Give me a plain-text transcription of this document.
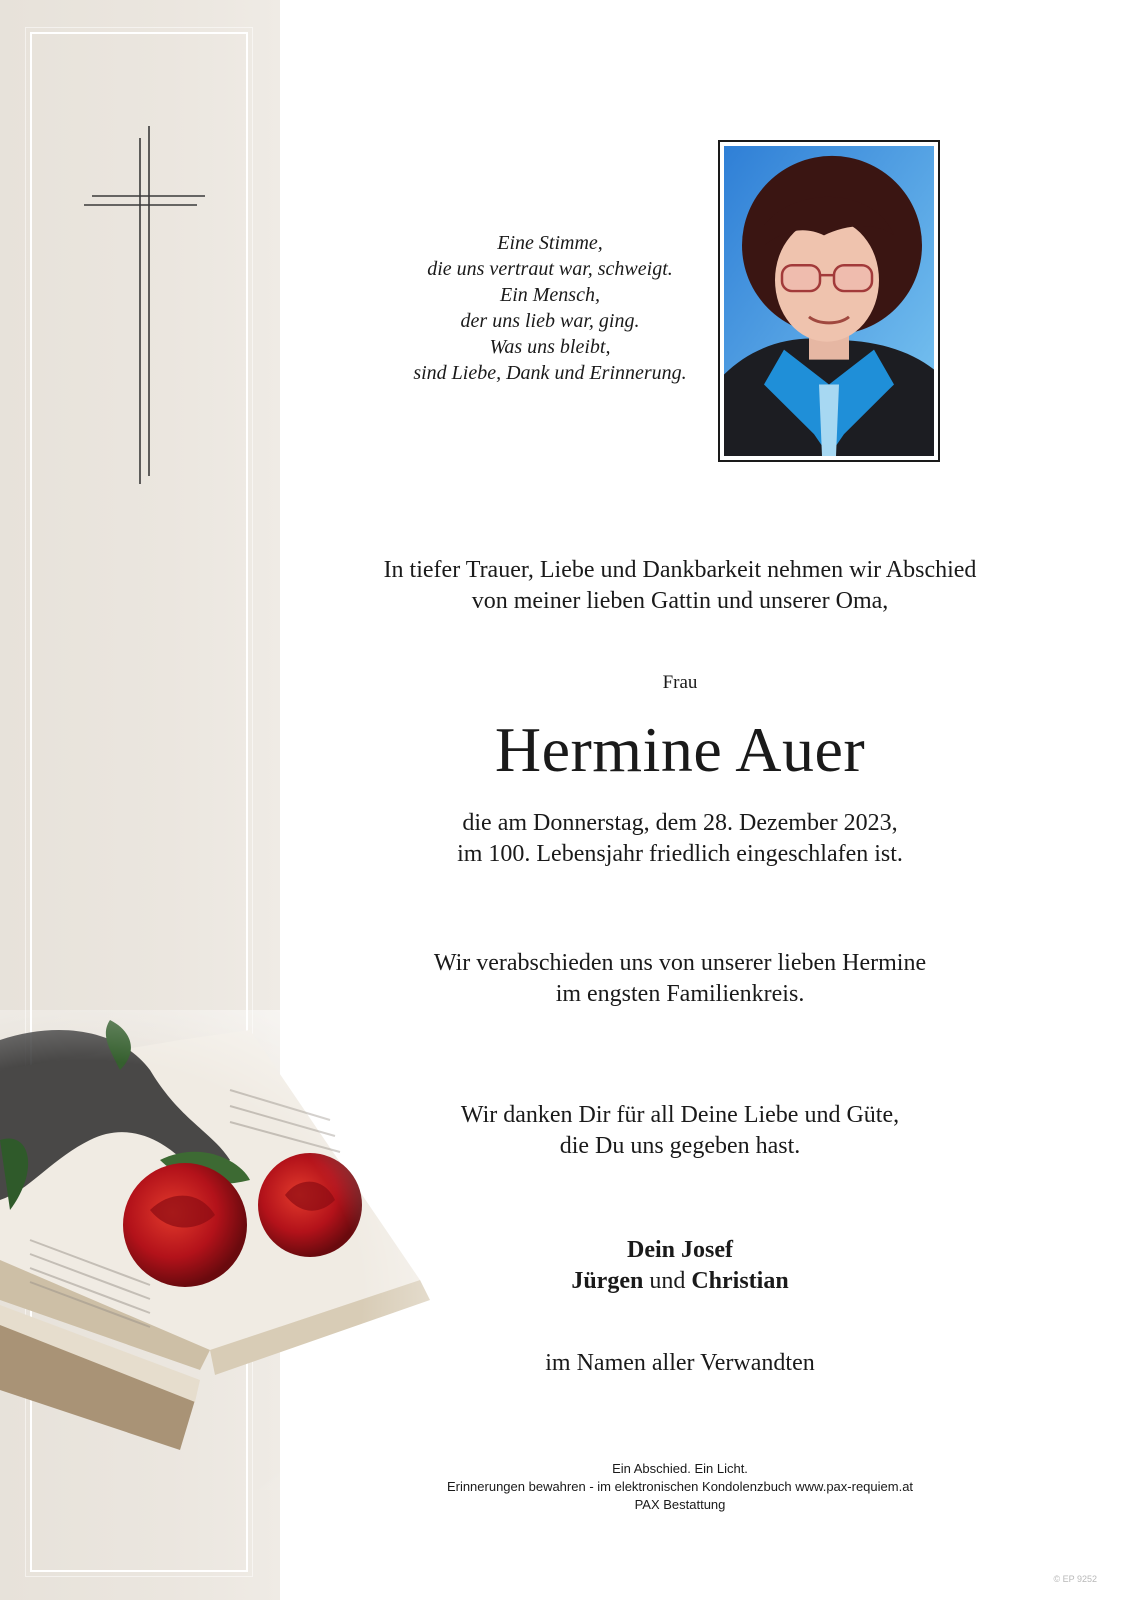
Eine Stimme,
die uns vertraut war, schweigt.
Ein Mensch,
der uns lieb war, ging.
Was uns bleibt,
sind Liebe, Dank und Erinnerung.
In tiefer Trauer, Liebe und Dankbarkeit nehmen wir Abschied
von meiner lieben Gattin und unserer Oma,
Frau
Hermine Auer
die am Donnerstag, dem 28. Dezember 2023,
im 100. Lebensjahr friedlich eingeschlafen ist.
Wir verabschieden uns von unserer lieben Hermine
im engsten Familienkreis.
Wir danken Dir für all Deine Liebe und Güte,
die Du uns gegeben hast.
Dein Josef
Jürgen und Christian
im Namen aller Verwandten
Ein Abschied. Ein Licht.
Erinnerungen bewahren - im elektronischen Kondolenzbuch www.pax-requiem.at
PAX Bestattung
© EP 9252
